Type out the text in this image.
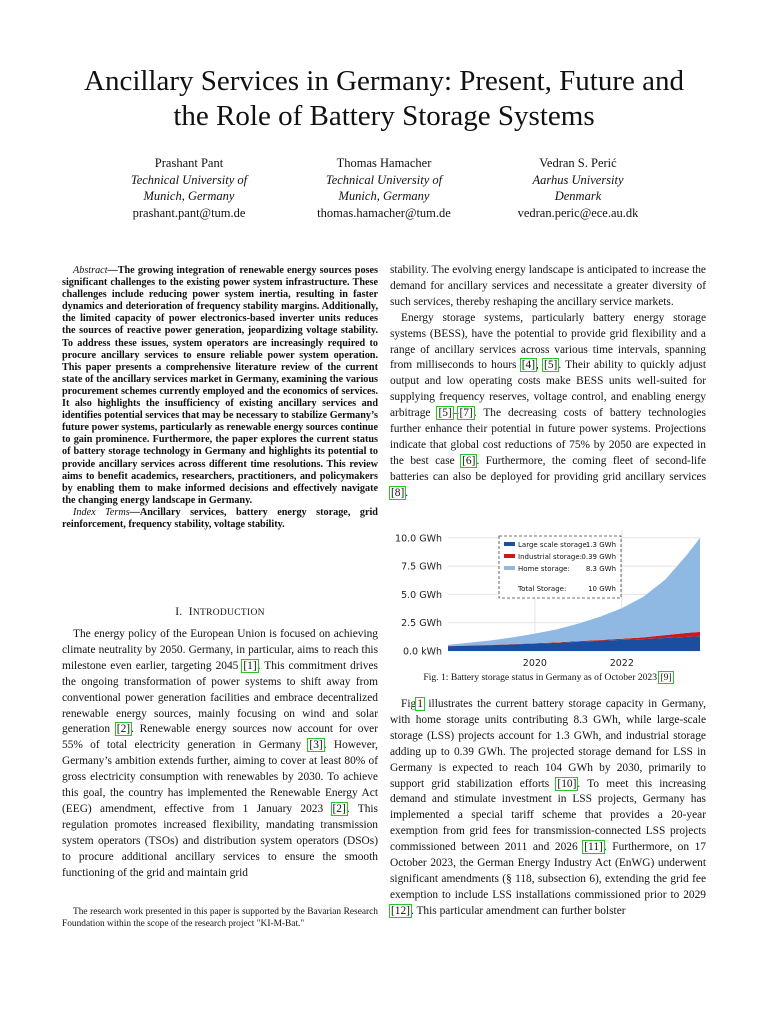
Ancillary Services in Germany: Present, Future and
the Role of Battery Storage Systems
Prashant Pant
Technical University of
Munich, Germany
prashant.pant@tum.de
Thomas Hamacher
Technical University of
Munich, Germany
thomas.hamacher@tum.de
Vedran S. Perić
Aarhus University
Denmark
vedran.peric@ece.au.dk

Abstract—The growing integration of renewable energy sources poses significant challenges to the existing power system infrastructure. These challenges include reducing power system inertia, resulting in faster dynamics and deterioration of frequency stability margins. Additionally, the limited capacity of power electronics-based inverter units reduces the sources of reactive power generation, jeopardizing voltage stability. To address these issues, system operators are increasingly required to procure ancillary services to ensure reliable power system operation. This paper presents a comprehensive literature review of the current state of the ancillary services market in Germany, examining the various procurement schemes currently employed and the economics of services. It also highlights the insufficiency of existing ancillary services and identifies potential services that may be necessary to stabilize Germany’s future power systems, particularly as renewable energy sources continue to gain prominence. Furthermore, the paper explores the current status of battery storage technology in Germany and highlights its potential to provide ancillary services across different time resolutions. This review aims to benefit academics, researchers, practitioners, and policymakers by enabling them to make informed decisions and effectively navigate the changing energy landscape in Germany.

Index Terms—Ancillary services, battery energy storage, grid reinforcement, frequency stability, voltage stability.

I. INTRODUCTION

The energy policy of the European Union is focused on achieving climate neutrality by 2050. Germany, in particular, aims to reach this milestone even earlier, targeting 2045 [1]. This commitment drives the ongoing transformation of power systems to shift away from conventional power generation facilities and embrace decentralized renewable energy sources, mainly focusing on wind and solar generation [2]. Renewable energy sources now account for over 55% of total electricity generation in Germany [3]. However, Germany’s ambition extends further, aiming to cover at least 80% of gross electricity consumption with renewables by 2030. To achieve this goal, the country has implemented the Renewable Energy Act (EEG) amendment, effective from 1 January 2023 [2]. This regulation promotes increased flexibility, mandating transmission system operators (TSOs) and distribution system operators (DSOs) to procure additional ancillary services to ensure the smooth functioning of the grid and maintain grid

The research work presented in this paper is supported by the Bavarian Research Foundation within the scope of the research project "KI-M-Bat."

stability. The evolving energy landscape is anticipated to increase the demand for ancillary services and necessitate a greater diversity of such services, thereby reshaping the ancillary service markets.

Energy storage systems, particularly battery energy storage systems (BESS), have the potential to provide grid flexibility and a range of ancillary services across various time intervals, spanning from milliseconds to hours [4], [5]. Their ability to quickly adjust output and low operating costs make BESS units well-suited for supplying frequency reserves, voltage control, and enabling energy arbitrage [5]–[7]. The decreasing costs of battery technologies further enhance their potential in future power systems. Projections indicate that global cost reductions of 75% by 2050 are expected in the best case [6]. Furthermore, the coming fleet of second-life batteries can also be deployed for providing grid ancillary services [8].

0.0 kWh
2.5 GWh
5.0 GWh
7.5 GWh
10.0 GWh
2020	2022
Large scale storage:
1.3 GWh
Industrial storage: 0.39 GWh
Home storage: 8.3 GWh
Total Storage:	10 GWh
Fig. 1: Battery storage status in Germany as of October 2023 [9]

Fig1 illustrates the current battery storage capacity in Germany, with home storage units contributing 8.3 GWh, while large-scale storage (LSS) projects account for 1.3 GWh, and industrial storage adding up to 0.39 GWh. The projected storage demand for LSS in Germany is expected to reach 104 GWh by 2030, primarily to support grid stabilization efforts [10]. To meet this increasing demand and stimulate investment in LSS projects, Germany has implemented a special tariff scheme that provides a 20-year exemption from grid fees for transmission-connected LSS projects commissioned between 2011 and 2026 [11]. Furthermore, on 17 October 2023, the German Energy Industry Act (EnWG) underwent significant amendments (§ 118, subsection 6), extending the grid fee exemption to include LSS installations commissioned prior to 2029 [12]. This particular amendment can further bolster
